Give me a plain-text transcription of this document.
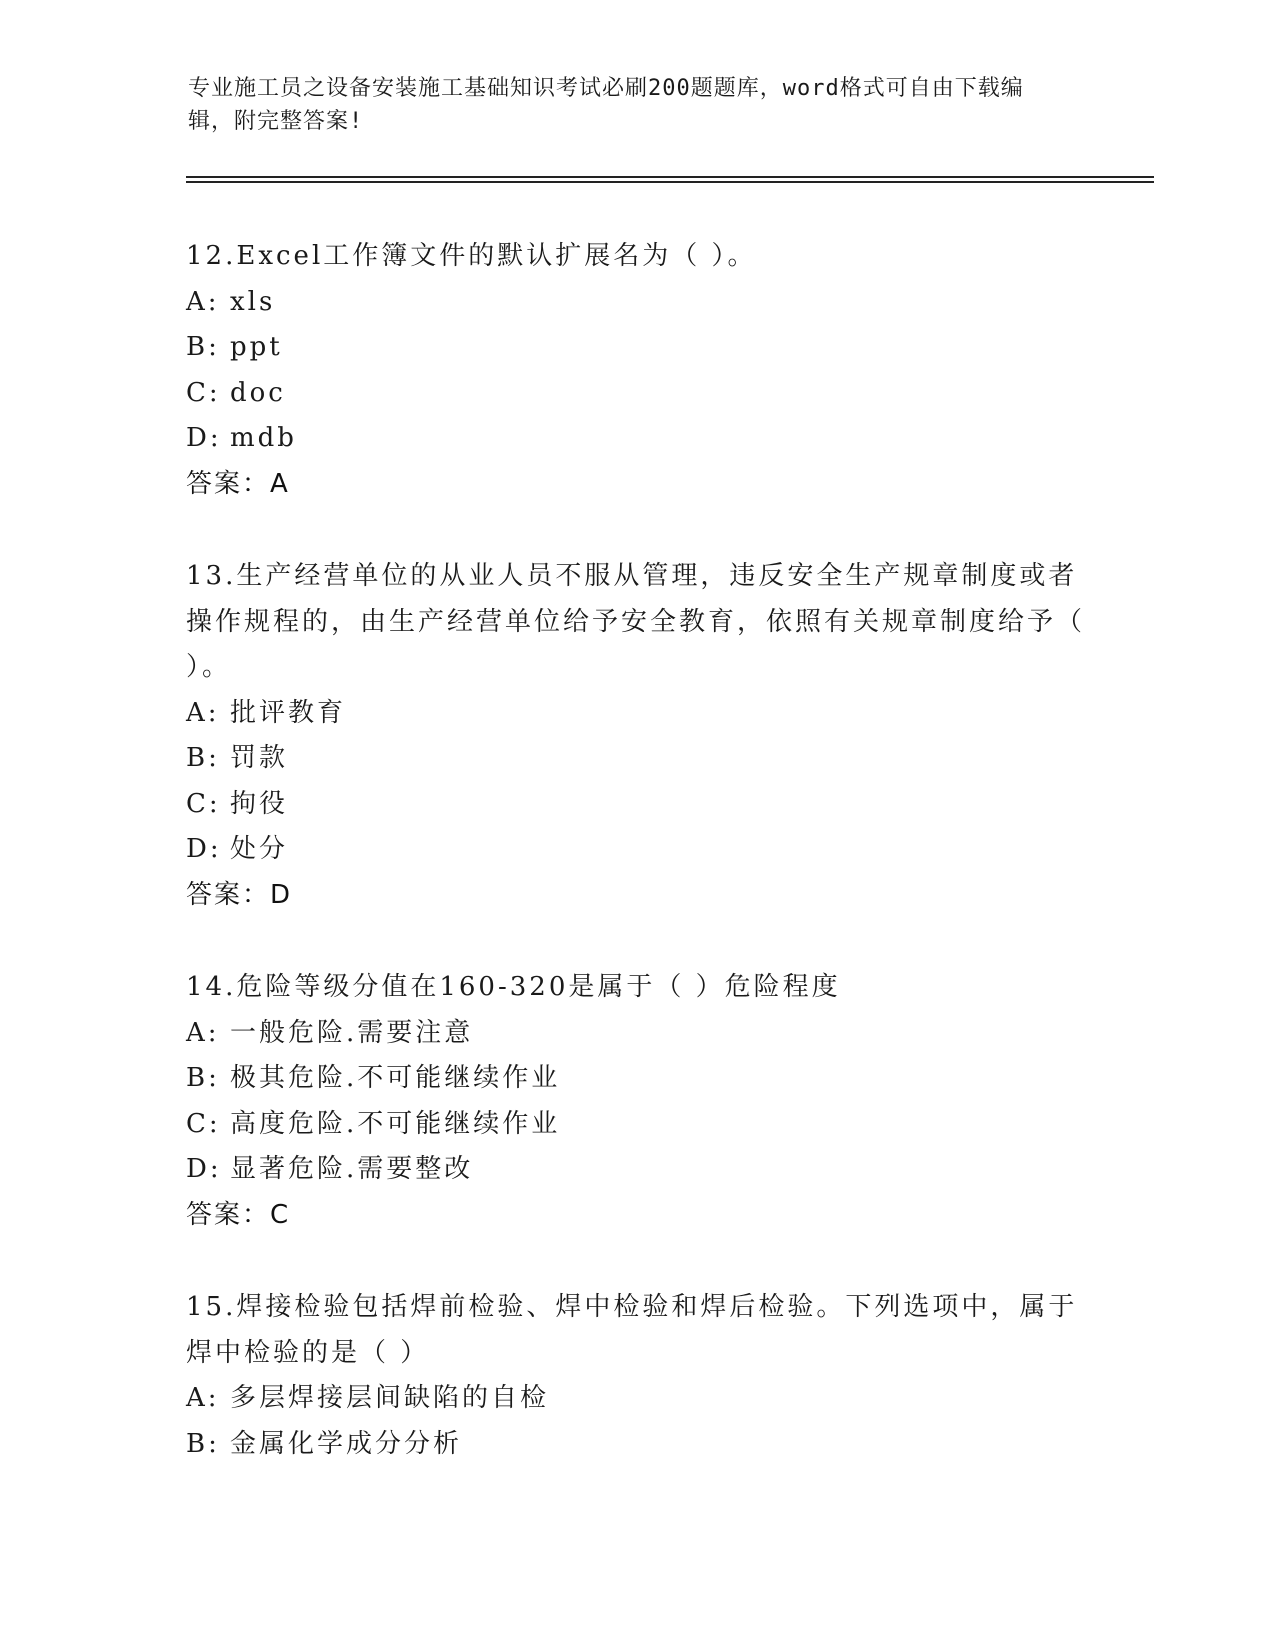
专业施工员之设备安装施工基础知识考试必刷200题题库，word格式可自由下载编辑，附完整答案!
12.Excel工作簿文件的默认扩展名为（ ）。
A: xls
B: ppt
C: doc
D: mdb
答案：A
13.生产经营单位的从业人员不服从管理，违反安全生产规章制度或者操作规程的，由生产经营单位给予安全教育，依照有关规章制度给予（ ）。
A: 批评教育
B: 罚款
C: 拘役
D: 处分
答案：D
14.危险等级分值在160-320是属于（ ）危险程度
A: 一般危险.需要注意
B: 极其危险.不可能继续作业
C: 高度危险.不可能继续作业
D: 显著危险.需要整改
答案：C
15.焊接检验包括焊前检验、焊中检验和焊后检验。下列选项中，属于焊中检验的是（ ）
A: 多层焊接层间缺陷的自检
B: 金属化学成分分析
